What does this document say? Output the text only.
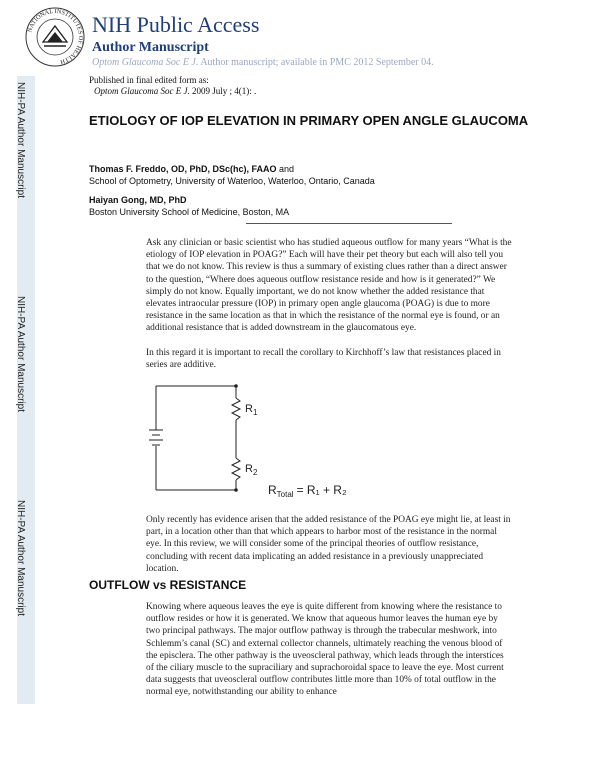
NIH-PA Author Manuscript
NIH-PA Author Manuscript
NIH-PA Author Manuscript
NATIONAL INSTITUTES OF HEALTH
NIH Public Access
Author Manuscript
Optom Glaucoma Soc E J. Author manuscript; available in PMC 2012 September 04.
Published in final edited form as:
Optom Glaucoma Soc E J. 2009 July ; 4(1): .
ETIOLOGY OF IOP ELEVATION IN PRIMARY OPEN ANGLE GLAUCOMA
Thomas F. Freddo, OD, PhD, DSc(hc), FAAO and
School of Optometry, University of Waterloo, Waterloo, Ontario, Canada
Haiyan Gong, MD, PhD
Boston University School of Medicine, Boston, MA
Ask any clinician or basic scientist who has studied aqueous outflow for many years “What is the etiology of IOP elevation in POAG?” Each will have their pet theory but each will also tell you that we do not know. This review is thus a summary of existing clues rather than a direct answer to the question, “Where does aqueous outflow resistance reside and how is it generated?” We simply do not know. Equally important, we do not know whether the added resistance that elevates intraocular pressure (IOP) in primary open angle glaucoma (POAG) is due to more resistance in the same location as that in which the resistance of the normal eye is found, or an additional resistance that is added downstream in the glaucomatous eye.
In this regard it is important to recall the corollary to Kirchhoff’s law that resistances placed in series are additive.
$R_1$
$R_2$
$R_{Total} = R_1 + R_2$
Only recently has evidence arisen that the added resistance of the POAG eye might lie, at least in part, in a location other than that which appears to harbor most of the resistance in the normal eye. In this review, we will consider some of the principal theories of outflow resistance, concluding with recent data implicating an added resistance in a previously unappreciated location.
OUTFLOW vs RESISTANCE
Knowing where aqueous leaves the eye is quite different from knowing where the resistance to outflow resides or how it is generated. We know that aqueous humor leaves the human eye by two principal pathways. The major outflow pathway is through the trabecular meshwork, into Schlemm’s canal (SC) and external collector channels, ultimately reaching the venous blood of the episclera. The other pathway is the uveoscleral pathway, which leads through the interstices of the ciliary muscle to the supraciliary and suprachoroidal space to leave the eye. Most current data suggests that uveoscleral outflow contributes little more than 10% of total outflow in the normal eye, notwithstanding our ability to enhance
